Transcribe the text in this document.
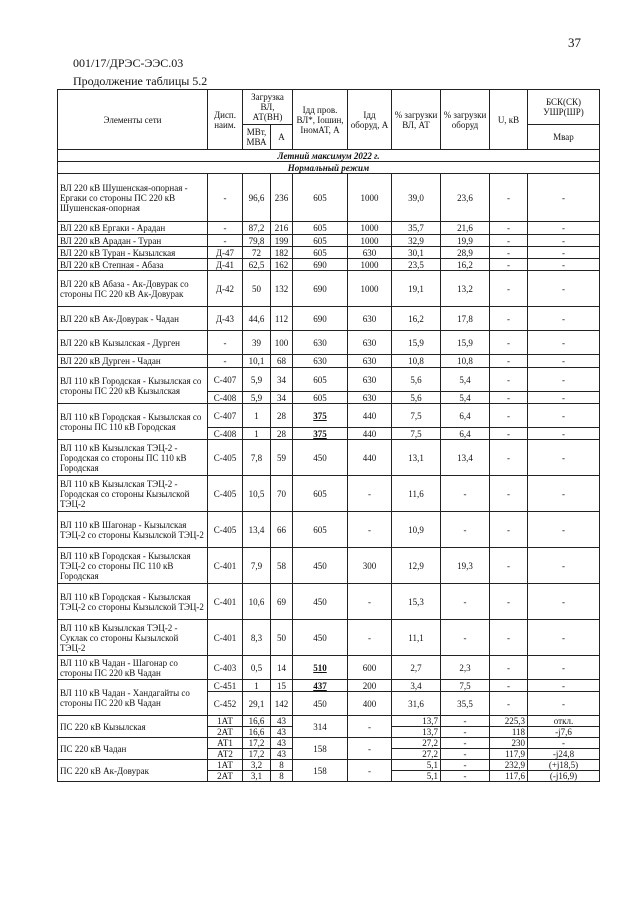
37
001/17/ДРЭС-ЭЭС.03
Продолжение таблицы 5.2
Элементы сети	Дисп. наим.	Загрузка ВЛ, АТ(ВН)		Iдд пров. ВЛ*, Iошин, IномАТ, А	Iдд оборуд, А	% загрузки ВЛ, АТ	% загрузки оборуд	U, кВ	БСК(СК) УШР(ШР)
		МВт, МВА	А						Мвар
Летний максимум 2022 г.									
Нормальный режим									
ВЛ 220 кВ Шушенская-опорная - Ергаки со стороны ПС 220 кВ Шушенская-опорная	-	96,6	236	605	1000	39,0	23,6	-	-
ВЛ 220 кВ Ергаки - Арадан	-	87,2	216	605	1000	35,7	21,6	-	-
ВЛ 220 кВ Арадан - Туран	-	79,8	199	605	1000	32,9	19,9	-	-
ВЛ 220 кВ Туран - Кызылская	Д-47	72	182	605	630	30,1	28,9	-	-
ВЛ 220 кВ Степная - Абаза	Д-41	62,5	162	690	1000	23,5	16,2	-	-
ВЛ 220 кВ Абаза - Ак-Довурак со стороны ПС 220 кВ Ак-Довурак	Д-42	50	132	690	1000	19,1	13,2	-	-
ВЛ 220 кВ Ак-Довурак - Чадан	Д-43	44,6	112	690	630	16,2	17,8	-	-
ВЛ 220 кВ Кызылская - Дурген	-	39	100	630	630	15,9	15,9	-	-
ВЛ 220 кВ Дурген - Чадан	-	10,1	68	630	630	10,8	10,8	-	-
ВЛ 110 кВ Городская - Кызылская со стороны ПС 220 кВ Кызылская	С-407	5,9	34	605	630	5,6	5,4	-	-
	С-408	5,9	34	605	630	5,6	5,4	-	-
ВЛ 110 кВ Городская - Кызылская со стороны ПС 110 кВ Городская	С-407	1	28	375	440	7,5	6,4	-	-
	С-408	1	28	375	440	7,5	6,4	-	-
ВЛ 110 кВ Кызылская ТЭЦ-2 - Городская со стороны ПС 110 кВ Городская	С-405	7,8	59	450	440	13,1	13,4	-	-
ВЛ 110 кВ Кызылская ТЭЦ-2 - Городская со стороны Кызылской ТЭЦ-2	С-405	10,5	70	605	-	11,6	-	-	-
ВЛ 110 кВ Шагонар - Кызылская ТЭЦ-2 со стороны Кызылской ТЭЦ-2	С-405	13,4	66	605	-	10,9	-	-	-
ВЛ 110 кВ Городская - Кызылская ТЭЦ-2 со стороны ПС 110 кВ Городская	С-401	7,9	58	450	300	12,9	19,3	-	-
ВЛ 110 кВ Городская - Кызылская ТЭЦ-2 со стороны Кызылской ТЭЦ-2	С-401	10,6	69	450	-	15,3	-	-	-
ВЛ 110 кВ Кызылская ТЭЦ-2 - Суклак со стороны Кызылской ТЭЦ-2	С-401	8,3	50	450	-	11,1	-	-	-
ВЛ 110 кВ Чадан - Шагонар со стороны ПС 220 кВ Чадан	С-403	0,5	14	510	600	2,7	2,3	-	-
ВЛ 110 кВ Чадан - Хандагайты со стороны ПС 220 кВ Чадан	С-451	1	15	437	200	3,4	7,5	-	-
	С-452	29,1	142	450	400	31,6	35,5	-	-
ПС 220 кВ Кызылская	1АТ	16,6	43	314	-	13,7	-	225,3	откл.
	2АТ	16,6	43			13,7	-	118	-j7,6
ПС 220 кВ Чадан	АТ1	17,2	43	158	-	27,2	-	230	-
	АТ2	17,2	43			27,2	-	117,9	-j24,8
ПС 220 кВ Ак-Довурак	1АТ	3,2	8	158	-	5,1	-	232,9	(+j18,5)
	2АТ	3,1	8			5,1	-	117,6	(-j16,9)
